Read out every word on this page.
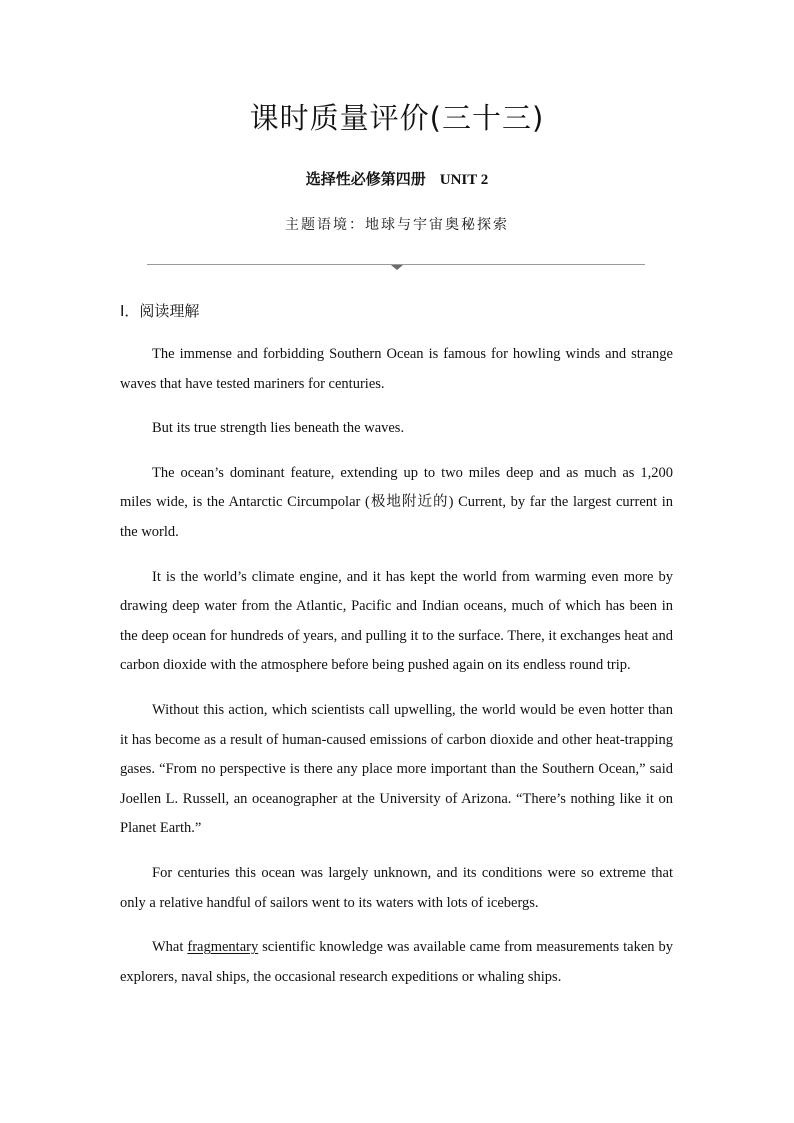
课时质量评价(三十三)
选择性必修第四册 UNIT 2
主题语境：地球与宇宙奥秘探索
Ⅰ．阅读理解

The immense and forbidding Southern Ocean is famous for howling winds and strange waves that have tested mariners for centuries.

But its true strength lies beneath the waves.

The ocean’s dominant feature, extending up to two miles deep and as much as 1,200 miles wide, is the Antarctic Circumpolar (极地附近的) Current, by far the largest current in the world.

It is the world’s climate engine, and it has kept the world from warming even more by drawing deep water from the Atlantic, Pacific and Indian oceans, much of which has been in the deep ocean for hundreds of years, and pulling it to the surface. There, it exchanges heat and carbon dioxide with the atmosphere before being pushed again on its endless round trip.

Without this action, which scientists call upwelling, the world would be even hotter than it has become as a result of human-caused emissions of carbon dioxide and other heat-trapping gases. “From no perspective is there any place more important than the Southern Ocean,” said Joellen L. Russell, an oceanographer at the University of Arizona. “There’s nothing like it on Planet Earth.”

For centuries this ocean was largely unknown, and its conditions were so extreme that only a relative handful of sailors went to its waters with lots of icebergs.

What fragmentary scientific knowledge was available came from measurements taken by explorers, naval ships, the occasional research expeditions or whaling ships.
